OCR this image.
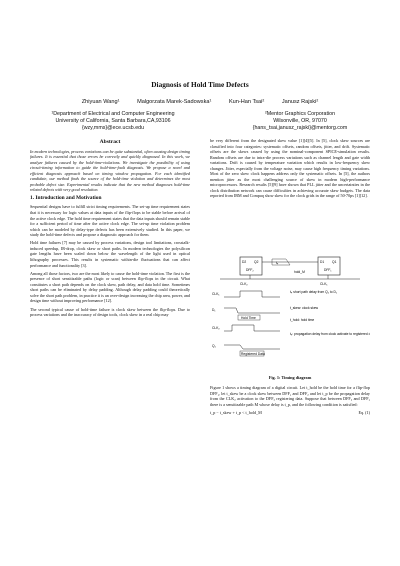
Diagnosis of Hold Time Defects
Zhiyuan Wang¹	Malgorzata Marek-Sadowska¹	Kun-Han Tsai²	Janusz Rajski²
¹Department of Electrical and Computer Engineering
University of California, Santa Barbara,CA,93106
{wzy,mms}@ece.ucsb.edu
²Mentor Graphics Corporation
Wilsonville, OR, 97070
{hans_tsai,janusz_rajski}@mentorg.com
Abstract

In modern technologies, process variations can be quite substantial, often causing design timing failures. It is essential that those errors be correctly and quickly diagnosed. In this work, we analyze failures caused by the hold-time-violations. We investigate the possibility of using circuit-timing information to guide the hold-time-fault diagnosis. We propose a novel and efficient diagnosis approach based on timing window propagation. For each identified candidate, our method finds the source of the hold-time violation and determines the most probable defect size. Experimental results indicate that the new method diagnoses hold-time related defects with very good resolution.

1. Introduction and Motivation

Sequential designs have to fulfill strict timing requirements. The set-up time requirement states that it is necessary for logic values at data inputs of the flip-flops to be stable before arrival of the active clock edge. The hold time requirement states that the data inputs should remain stable for a sufficient period of time after the active clock edge. The set-up time violation problem which can be modeled by delay-type defects has been extensively studied. In this paper, we study the hold-time defects and propose a diagnostic approach for them.

Hold time failures [7] may be caused by process variations, design tool limitations, crosstalk-induced speedup, IR-drop, clock skew or short paths. In modern technologies the polysilicon gate lengths have been scaled down below the wavelength of the light used in optical lithography processes. This results in systematic within-die fluctuations that can affect performance and functionality [3].

Among all those factors, two are the most likely to cause the hold-time violation. The first is the presence of short sensitizable paths (logic or scan) between flip-flops in the circuit. What constitutes a short path depends on the clock skew, path delay, and data hold time. Sometimes short paths can be eliminated by delay padding. Although delay padding could theoretically solve the short path problem, in practice it is an over-design increasing the chip area, power, and design time without improving performance [12].

The second typical cause of hold-time failure is clock skew between the flip-flops. Due to process variations and the inaccuracy of design tools, clock skew in a real chip may

be very different from the designated skew value [1][4][5]. In [5], clock skew sources are classified into four categories: systematic offsets, random offsets, jitter, and drift. Systematic offsets are the skews caused by using the nominal-component SPICE-simulation results. Random offsets are due to intra-die process variations such as channel length and gate width variations. Drift is caused by temperature variation which results in low-frequency skew changes. Jitter, especially from the voltage noise, may cause high frequency timing variations. Most of the zero skew clock happens address only the systematic offsets. In [5], the authors mention jitter as the most challenging source of skew in modern high-performance microprocessors. Research results [5][9] have shown that PLL jitter and the uncertainties in the clock distribution network can cause difficulties in achieving accurate skew budgets. The data reported from IBM and Compaq show skew for the clock grids in the range of 50-70ps [1][12].

D2 Q2
DFF₂
D1 Q1
DFF₁
tₚ
hold_M
CLK₂	CLK₁
CLK₁
D₁
Hold Time
CLK₂
Q₁
Registered Data
tₚ short path delay from Q₂ to D₁
t_skew: clock skew
t_hold: hold time
tᵨ: propagation delay from clock activate to registered data
Fig. 1: Timing diagram

Figure 1 shows a timing diagram of a digital circuit. Let t_hold be the hold time for a flip-flop DFF₁, let t_skew be a clock skew between DFF₁ and DFF₂ and let t_p be the propagation delay from the CLK₂ activation to the DFF₂ registering data. Suppose that between DFF₂ and DFF₁ there is a sensitizable path M whose delay is t_p, and the following condition is satisfied:

t_p − t_skew + t_p < t_hold_M	Eq. (1)
